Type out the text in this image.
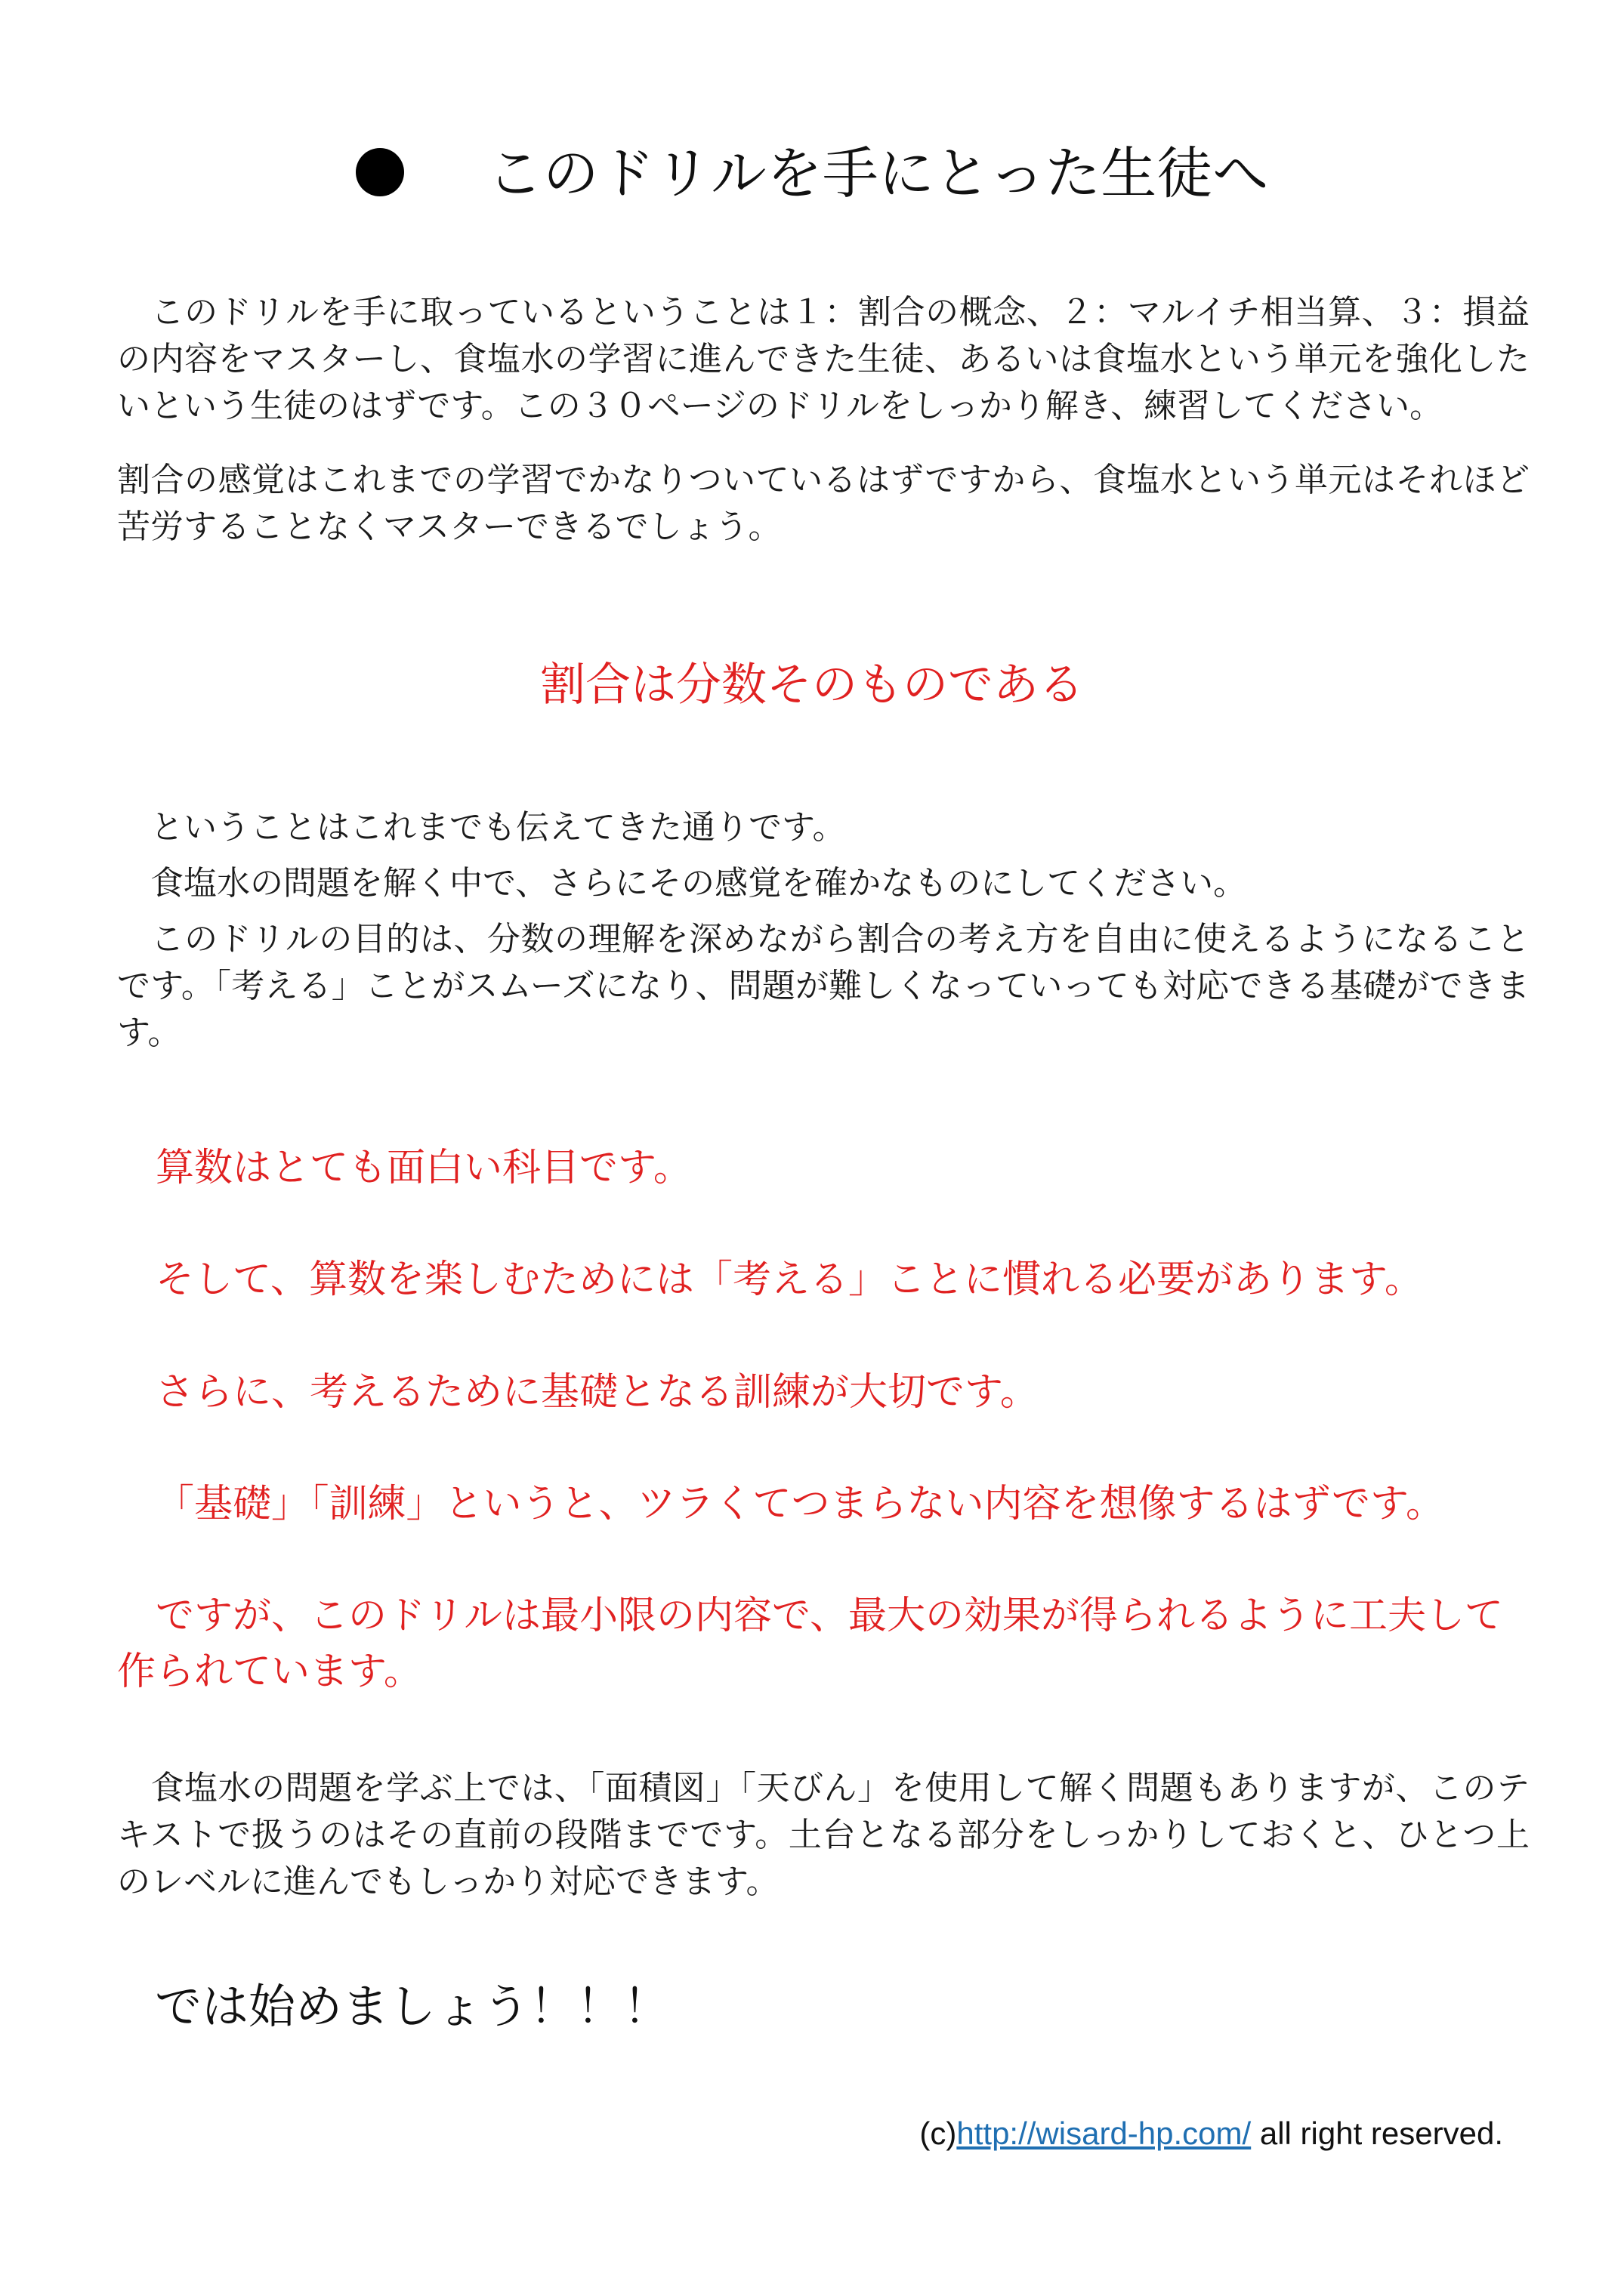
このドリルを手にとった生徒へ

このドリルを手に取っているということは１：割合の概念、２：マルイチ相当算、３：損益の内容をマスターし、食塩水の学習に進んできた生徒、あるいは食塩水という単元を強化したいという生徒のはずです。この３０ページのドリルをしっかり解き、練習してください。

割合の感覚はこれまでの学習でかなりついているはずですから、食塩水という単元はそれほど苦労することなくマスターできるでしょう。

割合は分数そのものである

ということはこれまでも伝えてきた通りです。

食塩水の問題を解く中で、さらにその感覚を確かなものにしてください。

このドリルの目的は、分数の理解を深めながら割合の考え方を自由に使えるようになることです。「考える」ことがスムーズになり、問題が難しくなっていっても対応できる基礎ができます。

算数はとても面白い科目です。

そして、算数を楽しむためには「考える」ことに慣れる必要があります。

さらに、考えるために基礎となる訓練が大切です。

「基礎」「訓練」というと、ツラくてつまらない内容を想像するはずです。

ですが、このドリルは最小限の内容で、最大の効果が得られるように工夫して作られています。

食塩水の問題を学ぶ上では、「面積図」「天びん」を使用して解く問題もありますが、このテキストで扱うのはその直前の段階までです。土台となる部分をしっかりしておくと、ひとつ上のレベルに進んでもしっかり対応できます。

では始めましょう！！！
(c)http://wisard-hp.com/ all right reserved.
